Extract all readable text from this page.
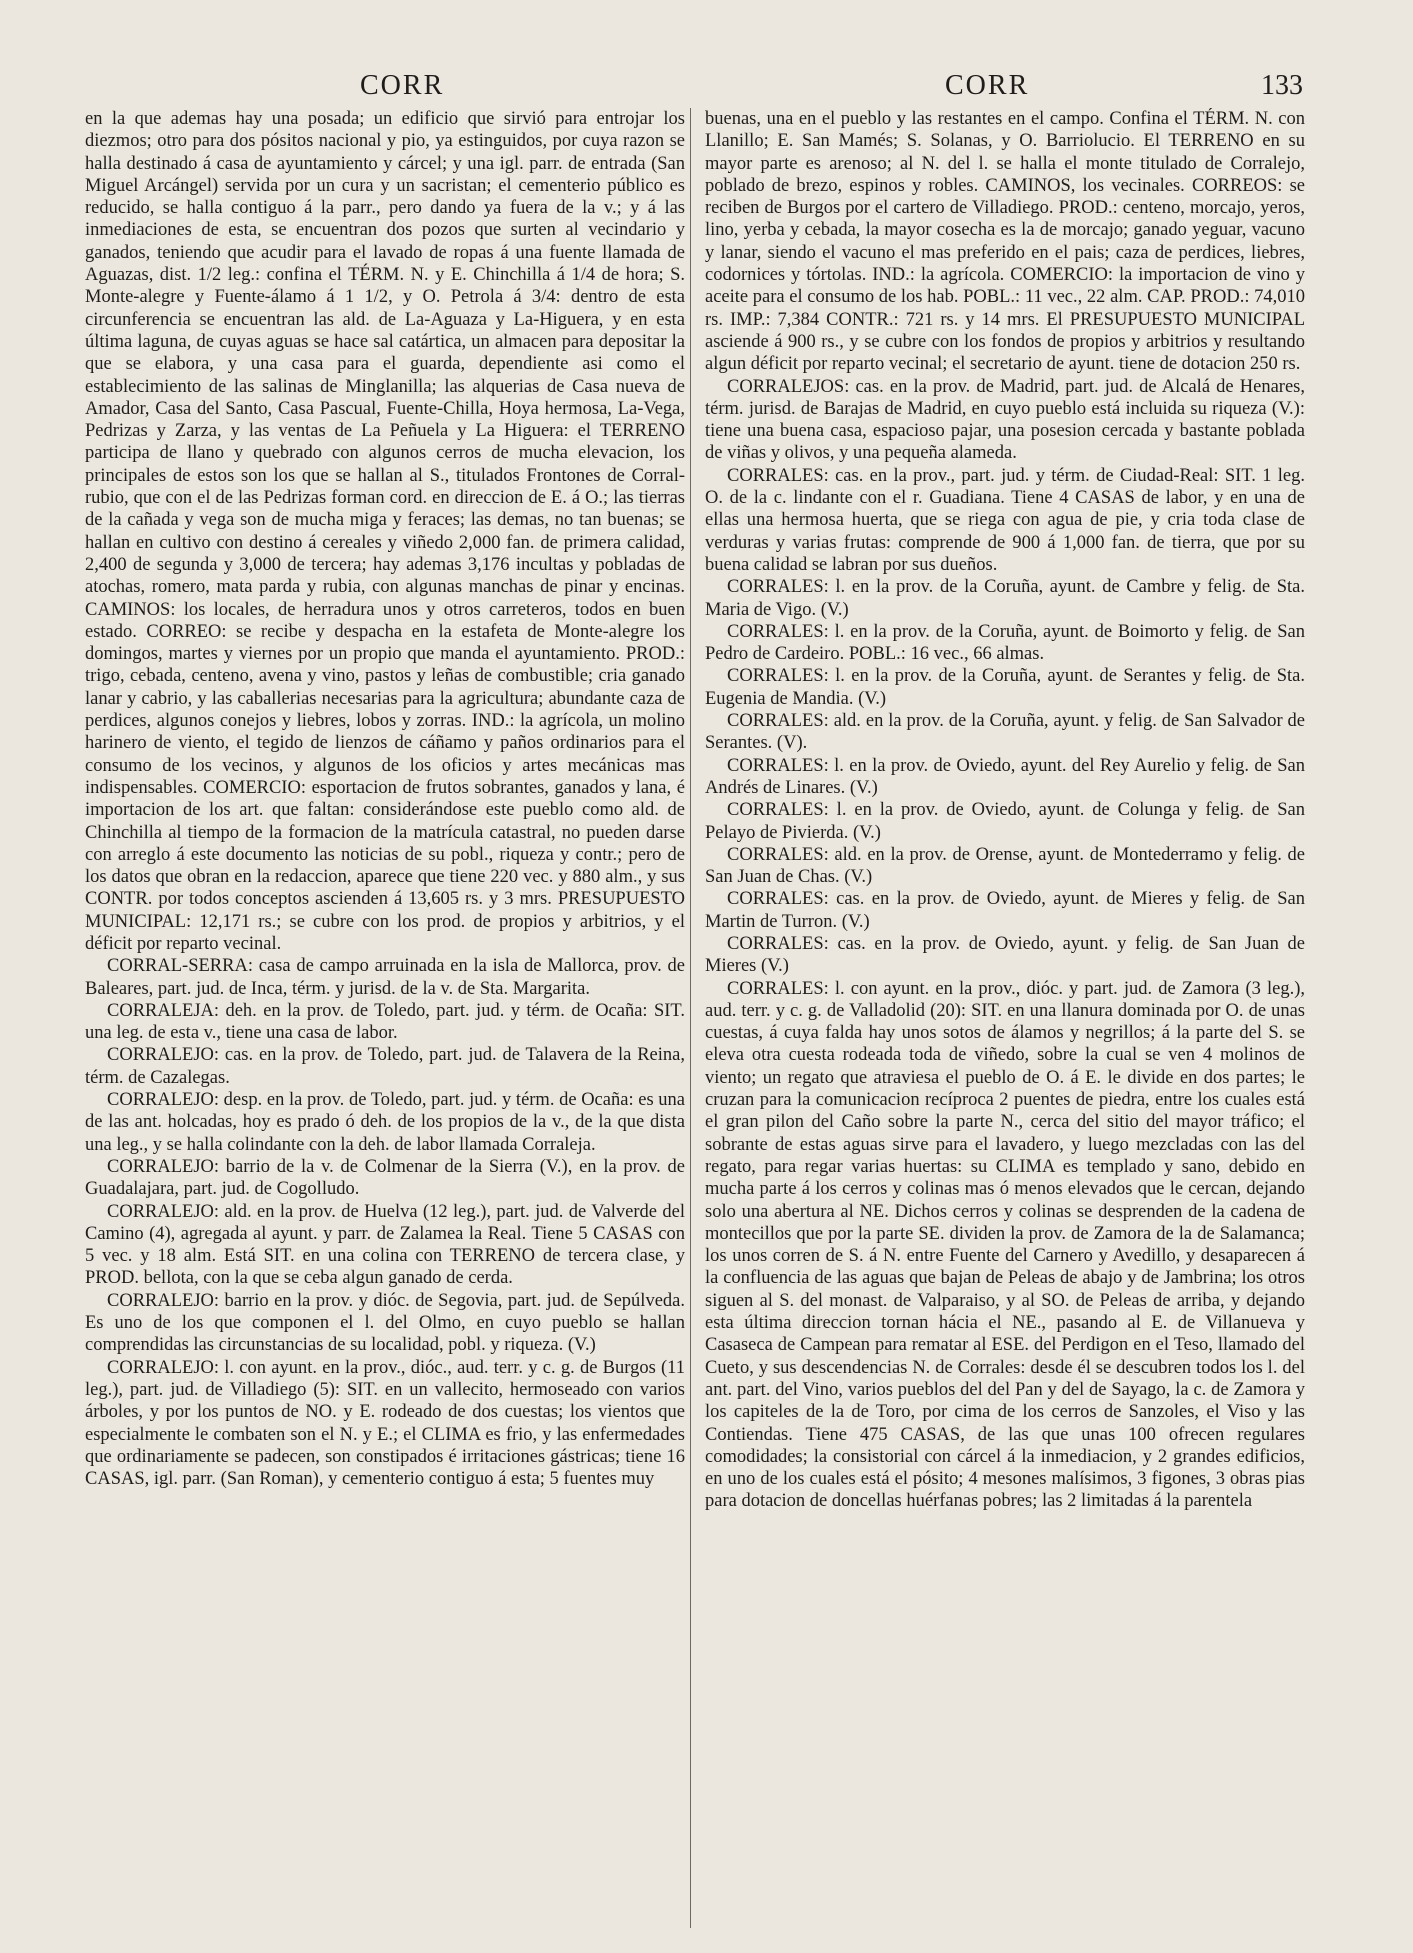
CORR	CORR	133

en la que ademas hay una posada; un edificio que sirvió para entrojar los diezmos; otro para dos pósitos nacional y pio, ya estinguidos, por cuya razon se halla destinado á casa de ayuntamiento y cárcel; y una igl. parr. de entrada (San Miguel Arcángel) servida por un cura y un sacristan; el cementerio público es reducido, se halla contiguo á la parr., pero dando ya fuera de la v.; y á las inmediaciones de esta, se encuentran dos pozos que surten al vecindario y ganados, teniendo que acudir para el lavado de ropas á una fuente llamada de Aguazas, dist. 1/2 leg.: confina el TÉRM. N. y E. Chinchilla á 1/4 de hora; S. Monte-alegre y Fuente-álamo á 1 1/2, y O. Petrola á 3/4: dentro de esta circunferencia se encuentran las ald. de La-Aguaza y La-Higuera, y en esta última laguna, de cuyas aguas se hace sal catártica, un almacen para depositar la que se elabora, y una casa para el guarda, dependiente asi como el establecimiento de las salinas de Minglanilla; las alquerias de Casa nueva de Amador, Casa del Santo, Casa Pascual, Fuente-Chilla, Hoya hermosa, La-Vega, Pedrizas y Zarza, y las ventas de La Peñuela y La Higuera: el TERRENO participa de llano y quebrado con algunos cerros de mucha elevacion, los principales de estos son los que se hallan al S., titulados Frontones de Corral-rubio, que con el de las Pedrizas forman cord. en direccion de E. á O.; las tierras de la cañada y vega son de mucha miga y feraces; las demas, no tan buenas; se hallan en cultivo con destino á cereales y viñedo 2,000 fan. de primera calidad, 2,400 de segunda y 3,000 de tercera; hay ademas 3,176 incultas y pobladas de atochas, romero, mata parda y rubia, con algunas manchas de pinar y encinas. CAMINOS: los locales, de herradura unos y otros carreteros, todos en buen estado. CORREO: se recibe y despacha en la estafeta de Monte-alegre los domingos, martes y viernes por un propio que manda el ayuntamiento. PROD.: trigo, cebada, centeno, avena y vino, pastos y leñas de combustible; cria ganado lanar y cabrio, y las caballerias necesarias para la agricultura; abundante caza de perdices, algunos conejos y liebres, lobos y zorras. IND.: la agrícola, un molino harinero de viento, el tegido de lienzos de cáñamo y paños ordinarios para el consumo de los vecinos, y algunos de los oficios y artes mecánicas mas indispensables. COMERCIO: esportacion de frutos sobrantes, ganados y lana, é importacion de los art. que faltan: considerándose este pueblo como ald. de Chinchilla al tiempo de la formacion de la matrícula catastral, no pueden darse con arreglo á este documento las noticias de su pobl., riqueza y contr.; pero de los datos que obran en la redaccion, aparece que tiene 220 vec. y 880 alm., y sus CONTR. por todos conceptos ascienden á 13,605 rs. y 3 mrs. PRESUPUESTO MUNICIPAL: 12,171 rs.; se cubre con los prod. de propios y arbitrios, y el déficit por reparto vecinal.

CORRAL-SERRA: casa de campo arruinada en la isla de Mallorca, prov. de Baleares, part. jud. de Inca, térm. y jurisd. de la v. de Sta. Margarita.

CORRALEJA: deh. en la prov. de Toledo, part. jud. y térm. de Ocaña: SIT. una leg. de esta v., tiene una casa de labor.

CORRALEJO: cas. en la prov. de Toledo, part. jud. de Talavera de la Reina, térm. de Cazalegas.

CORRALEJO: desp. en la prov. de Toledo, part. jud. y térm. de Ocaña: es una de las ant. holcadas, hoy es prado ó deh. de los propios de la v., de la que dista una leg., y se halla colindante con la deh. de labor llamada Corraleja.

CORRALEJO: barrio de la v. de Colmenar de la Sierra (V.), en la prov. de Guadalajara, part. jud. de Cogolludo.

CORRALEJO: ald. en la prov. de Huelva (12 leg.), part. jud. de Valverde del Camino (4), agregada al ayunt. y parr. de Zalamea la Real. Tiene 5 CASAS con 5 vec. y 18 alm. Está SIT. en una colina con TERRENO de tercera clase, y PROD. bellota, con la que se ceba algun ganado de cerda.

CORRALEJO: barrio en la prov. y dióc. de Segovia, part. jud. de Sepúlveda. Es uno de los que componen el l. del Olmo, en cuyo pueblo se hallan comprendidas las circunstancias de su localidad, pobl. y riqueza. (V.)

CORRALEJO: l. con ayunt. en la prov., dióc., aud. terr. y c. g. de Burgos (11 leg.), part. jud. de Villadiego (5): SIT. en un vallecito, hermoseado con varios árboles, y por los puntos de NO. y E. rodeado de dos cuestas; los vientos que especialmente le combaten son el N. y E.; el CLIMA es frio, y las enfermedades que ordinariamente se padecen, son constipados é irritaciones gástricas; tiene 16 CASAS, igl. parr. (San Roman), y cementerio contiguo á esta; 5 fuentes muy

buenas, una en el pueblo y las restantes en el campo. Confina el TÉRM. N. con Llanillo; E. San Mamés; S. Solanas, y O. Barriolucio. El TERRENO en su mayor parte es arenoso; al N. del l. se halla el monte titulado de Corralejo, poblado de brezo, espinos y robles. CAMINOS, los vecinales. CORREOS: se reciben de Burgos por el cartero de Villadiego. PROD.: centeno, morcajo, yeros, lino, yerba y cebada, la mayor cosecha es la de morcajo; ganado yeguar, vacuno y lanar, siendo el vacuno el mas preferido en el pais; caza de perdices, liebres, codornices y tórtolas. IND.: la agrícola. COMERCIO: la importacion de vino y aceite para el consumo de los hab. POBL.: 11 vec., 22 alm. CAP. PROD.: 74,010 rs. IMP.: 7,384 CONTR.: 721 rs. y 14 mrs. El PRESUPUESTO MUNICIPAL asciende á 900 rs., y se cubre con los fondos de propios y arbitrios y resultando algun déficit por reparto vecinal; el secretario de ayunt. tiene de dotacion 250 rs.

CORRALEJOS: cas. en la prov. de Madrid, part. jud. de Alcalá de Henares, térm. jurisd. de Barajas de Madrid, en cuyo pueblo está incluida su riqueza (V.): tiene una buena casa, espacioso pajar, una posesion cercada y bastante poblada de viñas y olivos, y una pequeña alameda.

CORRALES: cas. en la prov., part. jud. y térm. de Ciudad-Real: SIT. 1 leg. O. de la c. lindante con el r. Guadiana. Tiene 4 CASAS de labor, y en una de ellas una hermosa huerta, que se riega con agua de pie, y cria toda clase de verduras y varias frutas: comprende de 900 á 1,000 fan. de tierra, que por su buena calidad se labran por sus dueños.

CORRALES: l. en la prov. de la Coruña, ayunt. de Cambre y felig. de Sta. Maria de Vigo. (V.)

CORRALES: l. en la prov. de la Coruña, ayunt. de Boimorto y felig. de San Pedro de Cardeiro. POBL.: 16 vec., 66 almas.

CORRALES: l. en la prov. de la Coruña, ayunt. de Serantes y felig. de Sta. Eugenia de Mandia. (V.)

CORRALES: ald. en la prov. de la Coruña, ayunt. y felig. de San Salvador de Serantes. (V).

CORRALES: l. en la prov. de Oviedo, ayunt. del Rey Aurelio y felig. de San Andrés de Linares. (V.)

CORRALES: l. en la prov. de Oviedo, ayunt. de Colunga y felig. de San Pelayo de Pivierda. (V.)

CORRALES: ald. en la prov. de Orense, ayunt. de Montederramo y felig. de San Juan de Chas. (V.)

CORRALES: cas. en la prov. de Oviedo, ayunt. de Mieres y felig. de San Martin de Turron. (V.)

CORRALES: cas. en la prov. de Oviedo, ayunt. y felig. de San Juan de Mieres (V.)

CORRALES: l. con ayunt. en la prov., dióc. y part. jud. de Zamora (3 leg.), aud. terr. y c. g. de Valladolid (20): SIT. en una llanura dominada por O. de unas cuestas, á cuya falda hay unos sotos de álamos y negrillos; á la parte del S. se eleva otra cuesta rodeada toda de viñedo, sobre la cual se ven 4 molinos de viento; un regato que atraviesa el pueblo de O. á E. le divide en dos partes; le cruzan para la comunicacion recíproca 2 puentes de piedra, entre los cuales está el gran pilon del Caño sobre la parte N., cerca del sitio del mayor tráfico; el sobrante de estas aguas sirve para el lavadero, y luego mezcladas con las del regato, para regar varias huertas: su CLIMA es templado y sano, debido en mucha parte á los cerros y colinas mas ó menos elevados que le cercan, dejando solo una abertura al NE. Dichos cerros y colinas se desprenden de la cadena de montecillos que por la parte SE. dividen la prov. de Zamora de la de Salamanca; los unos corren de S. á N. entre Fuente del Carnero y Avedillo, y desaparecen á la confluencia de las aguas que bajan de Peleas de abajo y de Jambrina; los otros siguen al S. del monast. de Valparaiso, y al SO. de Peleas de arriba, y dejando esta última direccion tornan hácia el NE., pasando al E. de Villanueva y Casaseca de Campean para rematar al ESE. del Perdigon en el Teso, llamado del Cueto, y sus descendencias N. de Corrales: desde él se descubren todos los l. del ant. part. del Vino, varios pueblos del del Pan y del de Sayago, la c. de Zamora y los capiteles de la de Toro, por cima de los cerros de Sanzoles, el Viso y las Contiendas. Tiene 475 CASAS, de las que unas 100 ofrecen regulares comodidades; la consistorial con cárcel á la inmediacion, y 2 grandes edificios, en uno de los cuales está el pósito; 4 mesones malísimos, 3 figones, 3 obras pias para dotacion de doncellas huérfanas pobres; las 2 limitadas á la parentela
